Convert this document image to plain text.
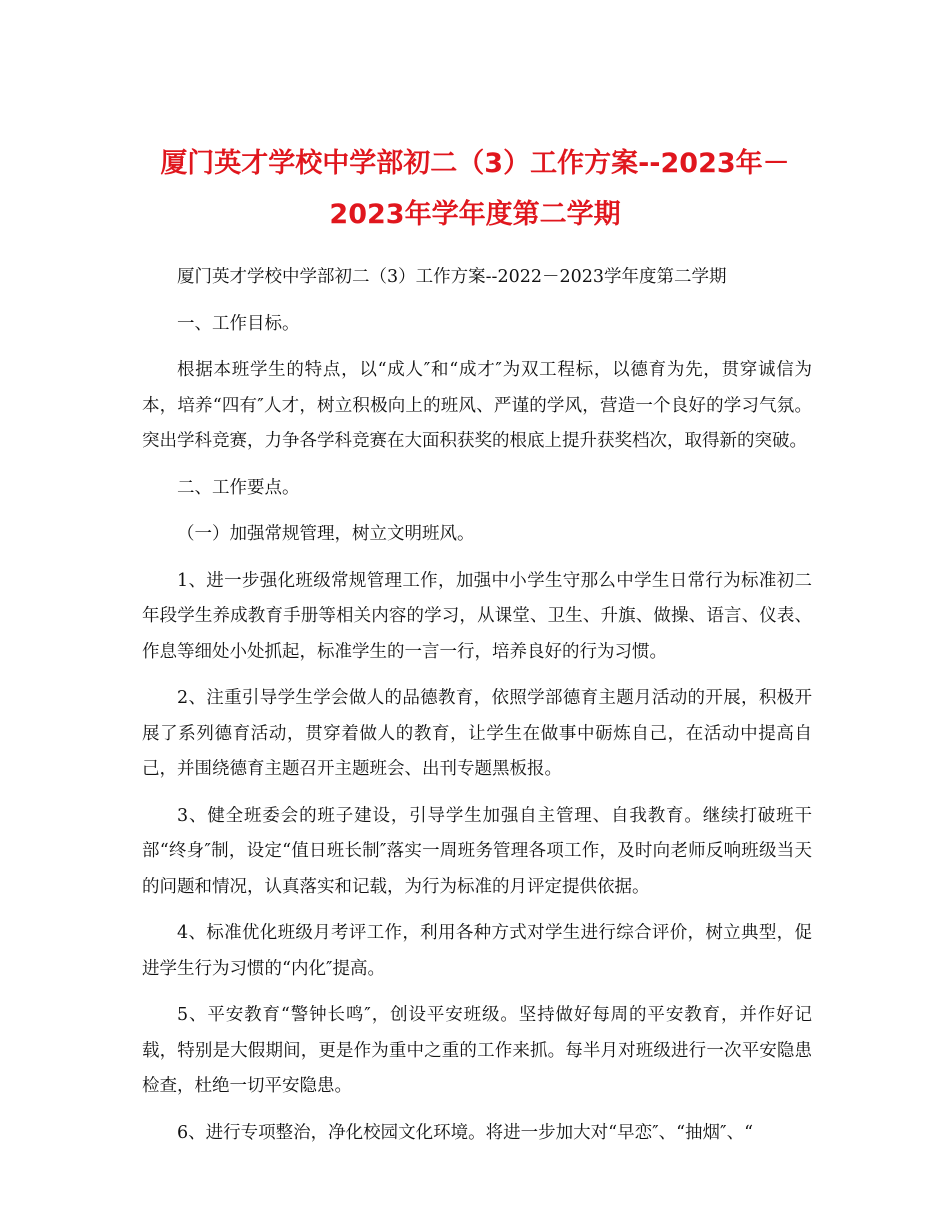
厦门英才学校中学部初二（3）工作方案--2023年－
2023年学年度第二学期

厦门英才学校中学部初二（3）工作方案--2022－2023学年度第二学期

一、工作目标。

根据本班学生的特点，以“成人″和“成才″为双工程标，以德育为先，贯穿诚信为本，培养“四有″人才，树立积极向上的班风、严谨的学风，营造一个良好的学习气氛。突出学科竞赛，力争各学科竞赛在大面积获奖的根底上提升获奖档次，取得新的突破。

二、工作要点。

（一）加强常规管理，树立文明班风。

1、进一步强化班级常规管理工作，加强中小学生守那么中学生日常行为标准初二年段学生养成教育手册等相关内容的学习，从课堂、卫生、升旗、做操、语言、仪表、作息等细处小处抓起，标准学生的一言一行，培养良好的行为习惯。

2、注重引导学生学会做人的品德教育，依照学部德育主题月活动的开展，积极开展了系列德育活动，贯穿着做人的教育，让学生在做事中砺炼自己，在活动中提高自己，并围绕德育主题召开主题班会、出刊专题黑板报。

3、健全班委会的班子建设，引导学生加强自主管理、自我教育。继续打破班干部“终身″制，设定“值日班长制″落实一周班务管理各项工作，及时向老师反响班级当天的问题和情况，认真落实和记载，为行为标准的月评定提供依据。

4、标准优化班级月考评工作，利用各种方式对学生进行综合评价，树立典型，促进学生行为习惯的“内化″提高。

5、平安教育“警钟长鸣″，创设平安班级。坚持做好每周的平安教育，并作好记载，特别是大假期间，更是作为重中之重的工作来抓。每半月对班级进行一次平安隐患检查，杜绝一切平安隐患。

6、进行专项整治，净化校园文化环境。将进一步加大对“早恋″、“抽烟″、“
